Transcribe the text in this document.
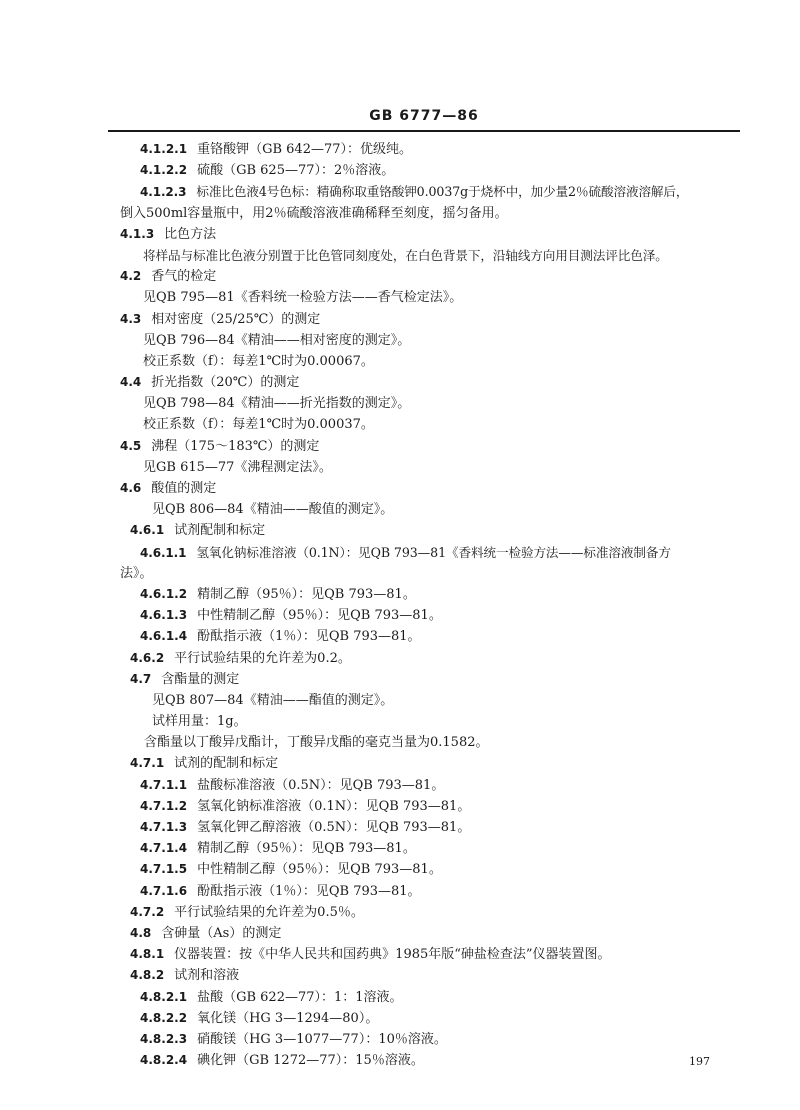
GB 6777—86
4.1.2.1 重铬酸钾（GB 642—77）：优级纯。
4.1.2.2 硫酸（GB 625—77）：2％溶液。
4.1.2.3 标准比色液4号色标：精确称取重铬酸钾0.0037g于烧杯中，加少量2％硫酸溶液溶解后，
倒入500ml容量瓶中，用2％硫酸溶液准确稀释至刻度，摇匀备用。
4.1.3 比色方法
将样品与标准比色液分别置于比色管同刻度处，在白色背景下，沿轴线方向用目测法评比色泽。
4.2 香气的检定
见QB 795—81《香料统一检验方法——香气检定法》。
4.3 相对密度（25/25℃）的测定
见QB 796—84《精油——相对密度的测定》。
校正系数（f）：每差1℃时为0.00067。
4.4 折光指数（20℃）的测定
见QB 798—84《精油——折光指数的测定》。
校正系数（f）：每差1℃时为0.00037。
4.5 沸程（175～183℃）的测定
见GB 615—77《沸程测定法》。
4.6 酸值的测定
见QB 806—84《精油——酸值的测定》。
4.6.1 试剂配制和标定
4.6.1.1 氢氧化钠标准溶液（0.1N）：见QB 793—81《香料统一检验方法——标准溶液制备方
法》。
4.6.1.2 精制乙醇（95％）：见QB 793—81。
4.6.1.3 中性精制乙醇（95％）：见QB 793—81。
4.6.1.4 酚酞指示液（1％）：见QB 793—81。
4.6.2 平行试验结果的允许差为0.2。
4.7 含酯量的测定
见QB 807—84《精油——酯值的测定》。
试样用量：1g。
含酯量以丁酸异戊酯计，丁酸异戊酯的毫克当量为0.1582。
4.7.1 试剂的配制和标定
4.7.1.1 盐酸标准溶液（0.5N）：见QB 793—81。
4.7.1.2 氢氧化钠标准溶液（0.1N）：见QB 793—81。
4.7.1.3 氢氧化钾乙醇溶液（0.5N）：见QB 793—81。
4.7.1.4 精制乙醇（95％）：见QB 793—81。
4.7.1.5 中性精制乙醇（95％）：见QB 793—81。
4.7.1.6 酚酞指示液（1％）：见QB 793—81。
4.7.2 平行试验结果的允许差为0.5％。
4.8 含砷量（As）的测定
4.8.1 仪器装置：按《中华人民共和国药典》1985年版“砷盐检查法”仪器装置图。
4.8.2 试剂和溶液
4.8.2.1 盐酸（GB 622—77）：1：1溶液。
4.8.2.2 氧化镁（HG 3—1294—80）。
4.8.2.3 硝酸镁（HG 3—1077—77）：10％溶液。
4.8.2.4 碘化钾（GB 1272—77）：15％溶液。	197
